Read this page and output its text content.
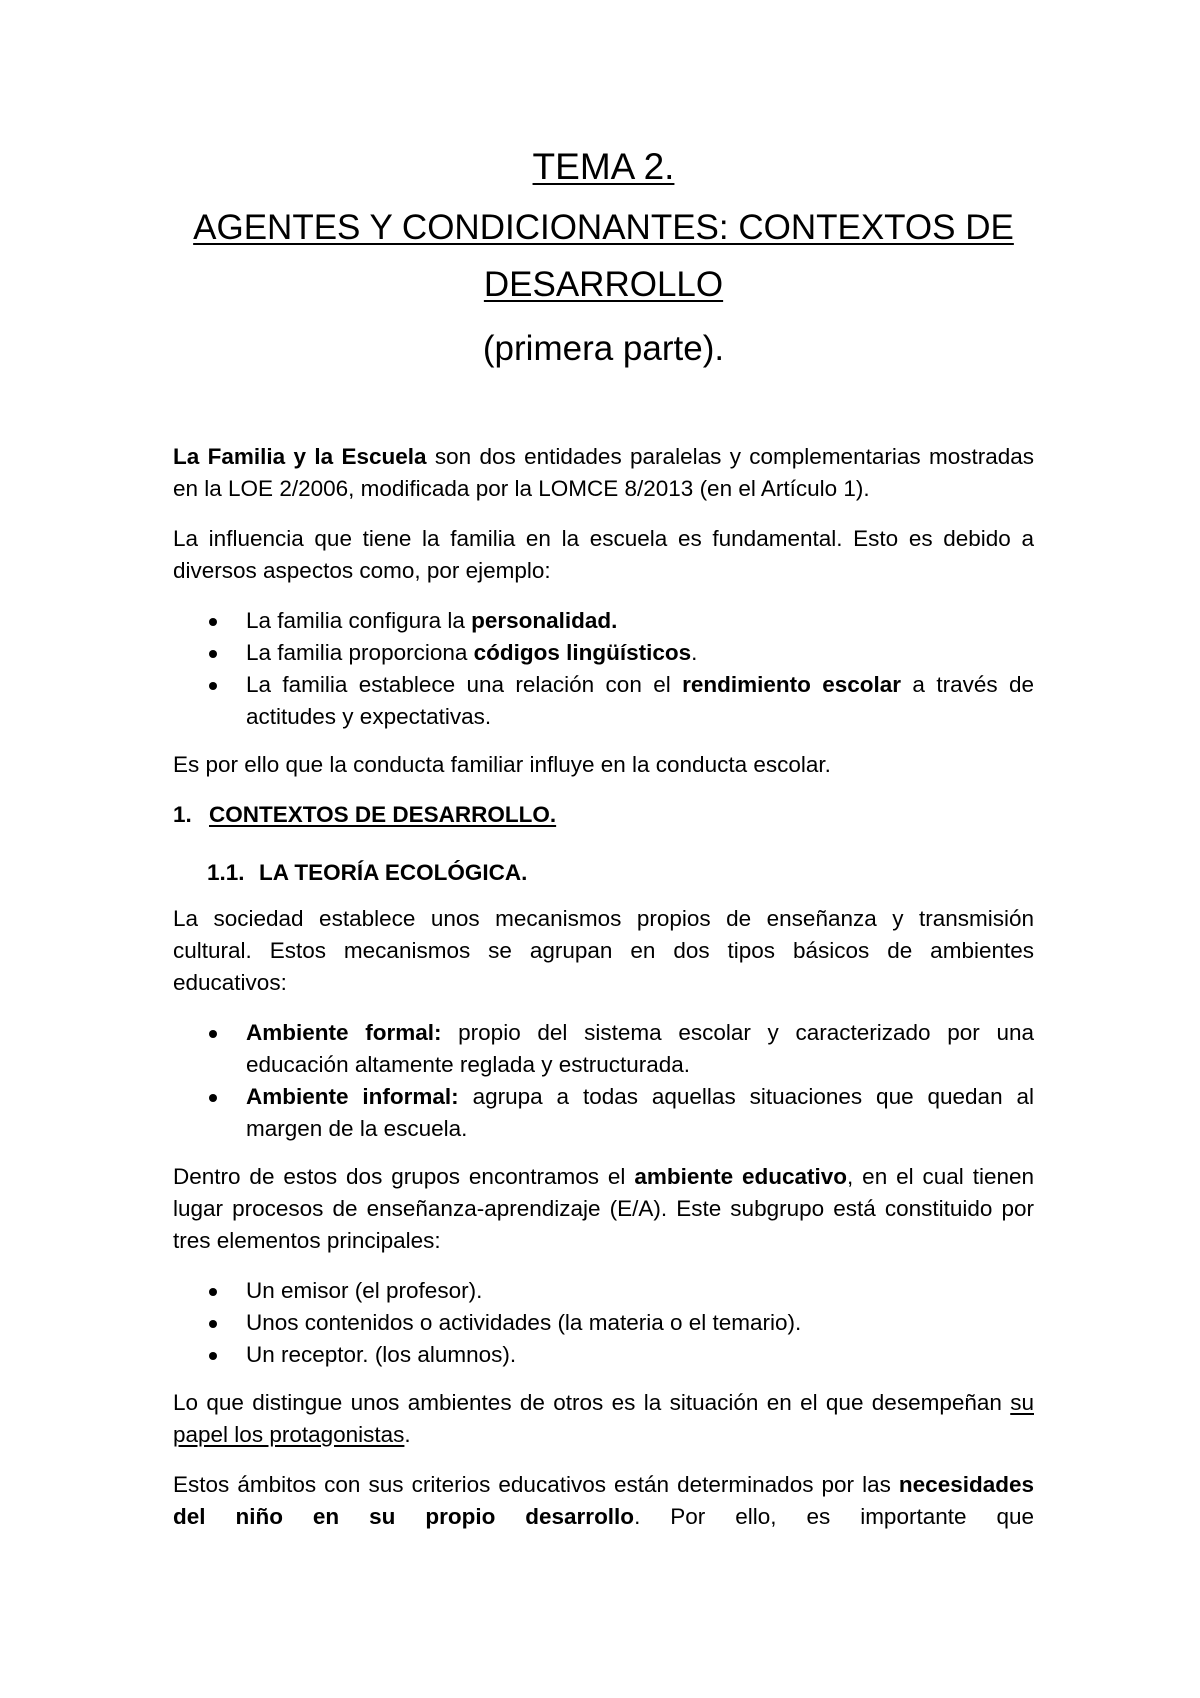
TEMA 2.
AGENTES Y CONDICIONANTES: CONTEXTOS DE
DESARROLLO
(primera parte).

La Familia y la Escuela son dos entidades paralelas y complementarias mostradas en la LOE 2/2006, modificada por la LOMCE 8/2013 (en el Artículo 1).

La influencia que tiene la familia en la escuela es fundamental. Esto es debido a diversos aspectos como, por ejemplo:

La familia configura la personalidad.
La familia proporciona códigos lingüísticos.
La familia establece una relación con el rendimiento escolar a través de actitudes y expectativas.

Es por ello que la conducta familiar influye en la conducta escolar.

1. CONTEXTOS DE DESARROLLO.
1.1. LA TEORÍA ECOLÓGICA.

La sociedad establece unos mecanismos propios de enseñanza y transmisión cultural. Estos mecanismos se agrupan en dos tipos básicos de ambientes educativos:

Ambiente formal: propio del sistema escolar y caracterizado por una educación altamente reglada y estructurada.
Ambiente informal: agrupa a todas aquellas situaciones que quedan al margen de la escuela.

Dentro de estos dos grupos encontramos el ambiente educativo, en el cual tienen lugar procesos de enseñanza-aprendizaje (E/A). Este subgrupo está constituido por tres elementos principales:

Un emisor (el profesor).
Unos contenidos o actividades (la materia o el temario).
Un receptor. (los alumnos).

Lo que distingue unos ambientes de otros es la situación en el que desempeñan su papel los protagonistas.

Estos ámbitos con sus criterios educativos están determinados por las necesidades del niño en su propio desarrollo. Por ello, es importante que
